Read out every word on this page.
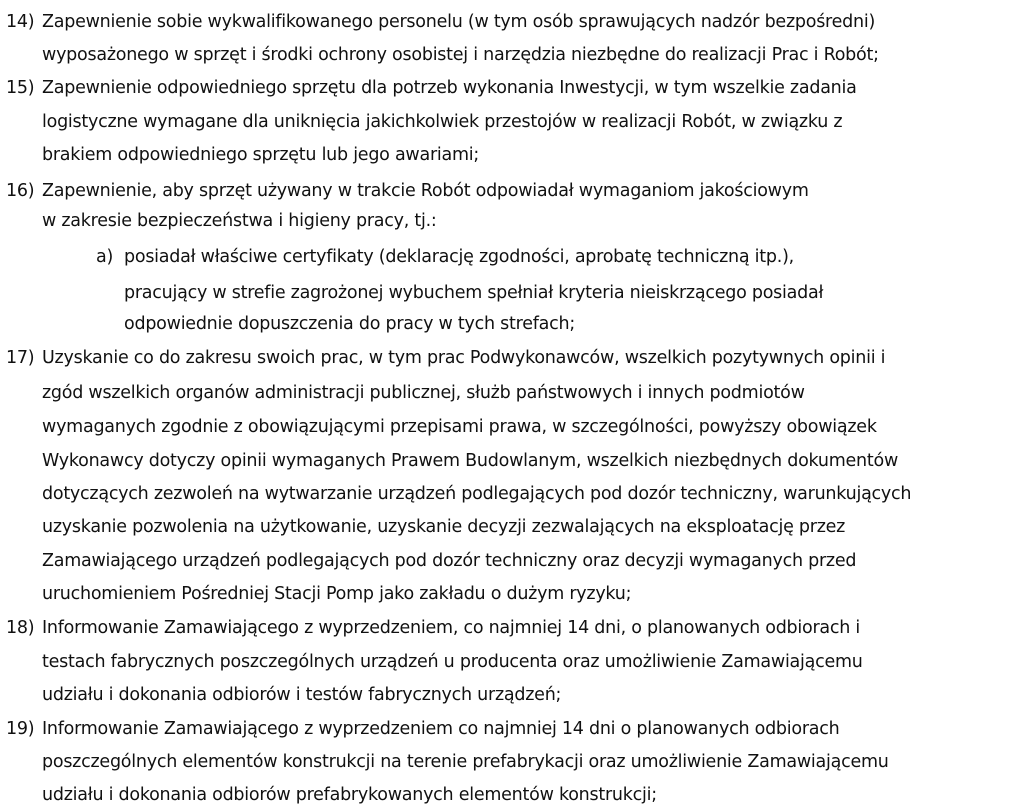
14) Zapewnienie sobie wykwalifikowanego personelu (w tym osób sprawujących nadzór bezpośredni)
wyposażonego w sprzęt i środki ochrony osobistej i narzędzia niezbędne do realizacji Prac i Robót;
15) Zapewnienie odpowiedniego sprzętu dla potrzeb wykonania Inwestycji, w tym wszelkie zadania
logistyczne wymagane dla uniknięcia jakichkolwiek przestojów w realizacji Robót, w związku z
brakiem odpowiedniego sprzętu lub jego awariami;
16) Zapewnienie, aby sprzęt używany w trakcie Robót odpowiadał wymaganiom jakościowym
w zakresie bezpieczeństwa i higieny pracy, tj.:
a) posiadał właściwe certyfikaty (deklarację zgodności, aprobatę techniczną itp.),
pracujący w strefie zagrożonej wybuchem spełniał kryteria nieiskrzącego posiadał
odpowiednie dopuszczenia do pracy w tych strefach;
17) Uzyskanie co do zakresu swoich prac, w tym prac Podwykonawców, wszelkich pozytywnych opinii i
zgód wszelkich organów administracji publicznej, służb państwowych i innych podmiotów
wymaganych zgodnie z obowiązującymi przepisami prawa, w szczególności, powyższy obowiązek
Wykonawcy dotyczy opinii wymaganych Prawem Budowlanym, wszelkich niezbędnych dokumentów
dotyczących zezwoleń na wytwarzanie urządzeń podlegających pod dozór techniczny, warunkujących
uzyskanie pozwolenia na użytkowanie, uzyskanie decyzji zezwalających na eksploatację przez
Zamawiającego urządzeń podlegających pod dozór techniczny oraz decyzji wymaganych przed
uruchomieniem Pośredniej Stacji Pomp jako zakładu o dużym ryzyku;
18) Informowanie Zamawiającego z wyprzedzeniem, co najmniej 14 dni, o planowanych odbiorach i
testach fabrycznych poszczególnych urządzeń u producenta oraz umożliwienie Zamawiającemu
udziału i dokonania odbiorów i testów fabrycznych urządzeń;
19) Informowanie Zamawiającego z wyprzedzeniem co najmniej 14 dni o planowanych odbiorach
poszczególnych elementów konstrukcji na terenie prefabrykacji oraz umożliwienie Zamawiającemu
udziału i dokonania odbiorów prefabrykowanych elementów konstrukcji;
